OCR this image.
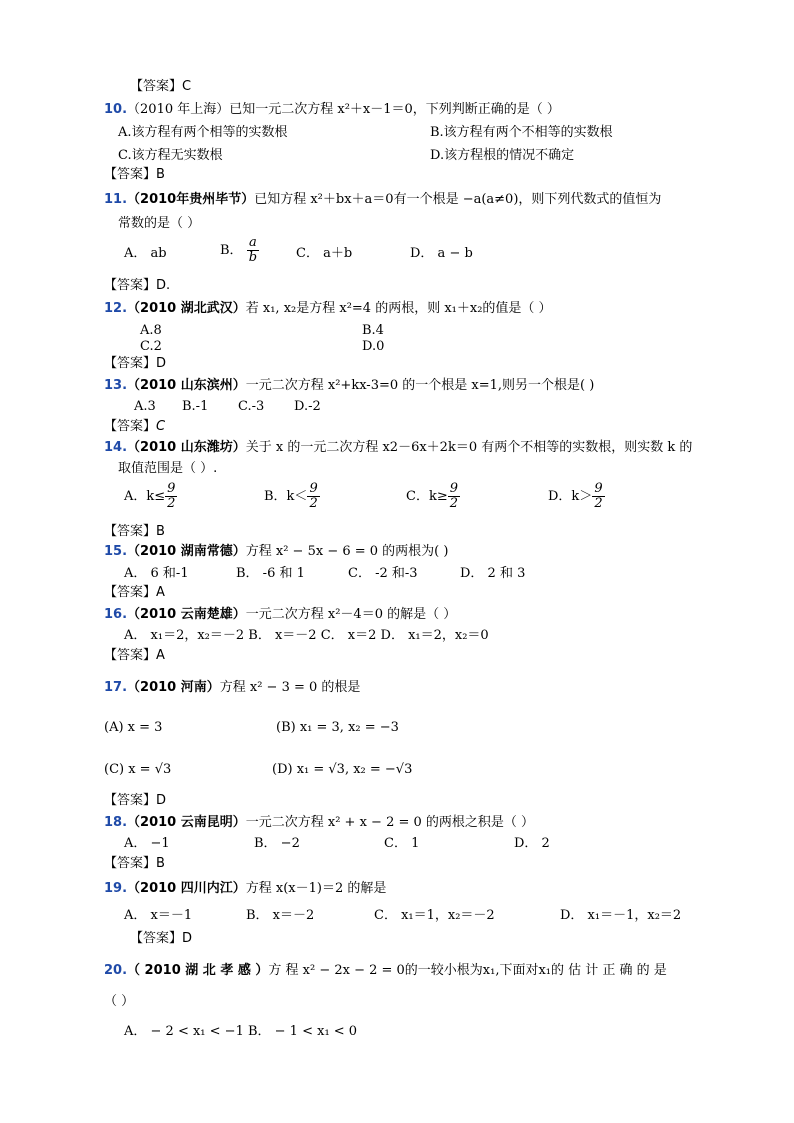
【答案】C
10.（2010 年上海）已知一元二次方程 x²＋x－1＝0，下列判断正确的是（ ）
A.该方程有两个相等的实数根	B.该方程有两个不相等的实数根
C.该方程无实数根	D.该方程根的情况不确定
【答案】B
11.（2010年贵州毕节）已知方程 x²＋bx＋a＝0有一个根是 −a(a≠0)，则下列代数式的值恒为
常数的是（ ）
A． ab	B． $\frac{a}{b}$	C． a＋b	D． a − b
【答案】D.
12.（2010 湖北武汉）若 x₁, x₂是方程 x²=4 的两根，则 x₁＋x₂的值是（ ）
A.8	B.4
C.2	D.0
【答案】D
13.（2010 山东滨州）一元二次方程 x²+kx-3=0 的一个根是 x=1,则另一个根是( )
A.3 B.-1 C.-3 D.-2
【答案】C
14.（2010 山东潍坊）关于 x 的一元二次方程 x2－6x＋2k＝0 有两个不相等的实数根，则实数 k 的
取值范围是（ ）.
A．$k\le \frac{9}{2}$	B．$k< \frac{9}{2}$	C．$k\ge \frac{9}{2}$	D．$k> \frac{9}{2}$
【答案】B
15.（2010 湖南常德）方程 x² − 5x − 6 = 0 的两根为( )
A． 6 和-1	B． -6 和 1	C． -2 和-3	D． 2 和 3
【答案】A
16.（2010 云南楚雄）一元二次方程 x²－4＝0 的解是（ ）
A． x₁＝2，x₂＝－2 B． x＝－2 C． x＝2 D． x₁＝2，x₂＝0
【答案】A
17.（2010 河南）方程 x² − 3 = 0 的根是
(A) x = 3	(B) x₁ = 3, x₂ = −3
(C) x = √3	(D) x₁ = √3, x₂ = −√3
【答案】D
18.（2010 云南昆明）一元二次方程 x² + x − 2 = 0 的两根之积是（ ）
A． −1	B． −2	C． 1	D． 2
【答案】B
19.（2010 四川内江）方程 x(x－1)＝2 的解是
A． x＝－1	B． x＝－2	C． x₁＝1，x₂＝－2	D． x₁＝－1，x₂＝2
【答案】D
20.（ 2010 湖 北 孝 感 ）方 程 x² − 2x − 2 = 0的一较小根为x₁,下面对x₁的 估 计 正 确 的 是
（ ）
A． − 2 < x₁ < −1 B． − 1 < x₁ < 0
